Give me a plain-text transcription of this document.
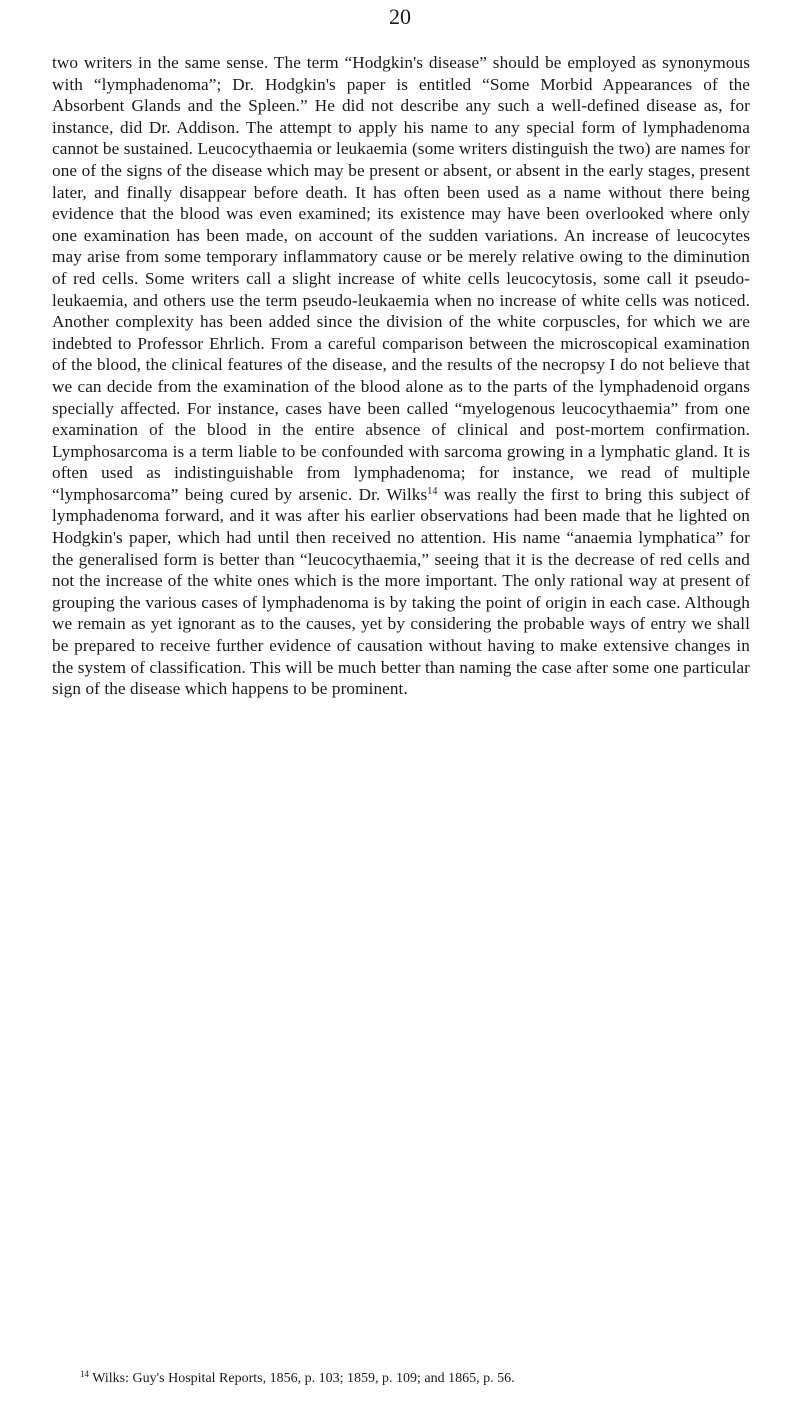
20

two writers in the same sense. The term “Hodgkin's disease” should be employed as synonymous with “lymphadenoma”; Dr. Hodgkin's paper is entitled “Some Morbid Appearances of the Absorbent Glands and the Spleen.” He did not describe any such a well-defined disease as, for instance, did Dr. Addison. The attempt to apply his name to any special form of lymphadenoma cannot be sustained. Leucocythaemia or leukaemia (some writers distinguish the two) are names for one of the signs of the disease which may be present or absent, or absent in the early stages, present later, and finally disappear before death. It has often been used as a name without there being evidence that the blood was even examined; its existence may have been overlooked where only one examination has been made, on account of the sudden variations. An increase of leucocytes may arise from some temporary inflammatory cause or be merely relative owing to the diminution of red cells. Some writers call a slight increase of white cells leucocytosis, some call it pseudo-leukaemia, and others use the term pseudo-leukaemia when no increase of white cells was noticed. Another complexity has been added since the division of the white corpuscles, for which we are indebted to Professor Ehrlich. From a careful comparison between the microscopical examination of the blood, the clinical features of the disease, and the results of the necropsy I do not believe that we can decide from the examination of the blood alone as to the parts of the lymphadenoid organs specially affected. For instance, cases have been called “myelogenous leucocythaemia” from one examination of the blood in the entire absence of clinical and post-mortem confirmation. Lymphosarcoma is a term liable to be confounded with sarcoma growing in a lymphatic gland. It is often used as indistinguishable from lymphadenoma; for instance, we read of multiple “lymphosarcoma” being cured by arsenic. Dr. Wilks$^{14}$ was really the first to bring this subject of lymphadenoma forward, and it was after his earlier observations had been made that he lighted on Hodgkin's paper, which had until then received no attention. His name “anaemia lymphatica” for the generalised form is better than “leucocythaemia,” seeing that it is the decrease of red cells and not the increase of the white ones which is the more important. The only rational way at present of grouping the various cases of lymphadenoma is by taking the point of origin in each case. Although we remain as yet ignorant as to the causes, yet by considering the probable ways of entry we shall be prepared to receive further evidence of causation without having to make extensive changes in the system of classification. This will be much better than naming the case after some one particular sign of the disease which happens to be prominent.

$^{14}$ Wilks: Guy's Hospital Reports, 1856, p. 103; 1859, p. 109; and 1865, p. 56.
